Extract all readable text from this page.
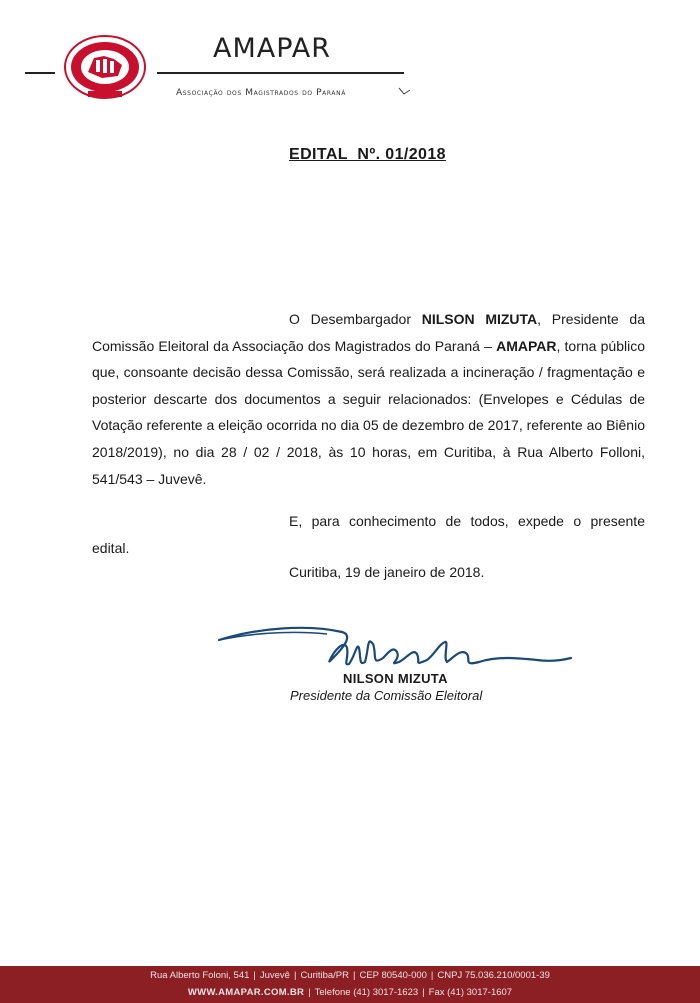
AMAPAR
Associação dos Magistrados do Paraná
EDITAL  Nº. 01/2018

O Desembargador NILSON MIZUTA, Presidente da Comissão Eleitoral da Associação dos Magistrados do Paraná – AMAPAR, torna público que, consoante decisão dessa Comissão, será realizada a incineração / fragmentação e posterior descarte dos documentos a seguir relacionados: (Envelopes e Cédulas de Votação referente a eleição ocorrida no dia 05 de dezembro de 2017, referente ao Biênio 2018/2019), no dia 28 / 02 / 2018, às 10 horas, em Curitiba, à Rua Alberto Folloni, 541/543 – Juvevê.

E, para conhecimento de todos, expede o presente edital.

Curitiba, 19 de janeiro de 2018.
NILSON MIZUTA
Presidente da Comissão Eleitoral
Rua Alberto Foloni, 541 | Juvevê | Curitiba/PR | CEP 80540-000 | CNPJ 75.036.210/0001-39
WWW.AMAPAR.COM.BR | Telefone (41) 3017-1623 | Fax (41) 3017-1607
